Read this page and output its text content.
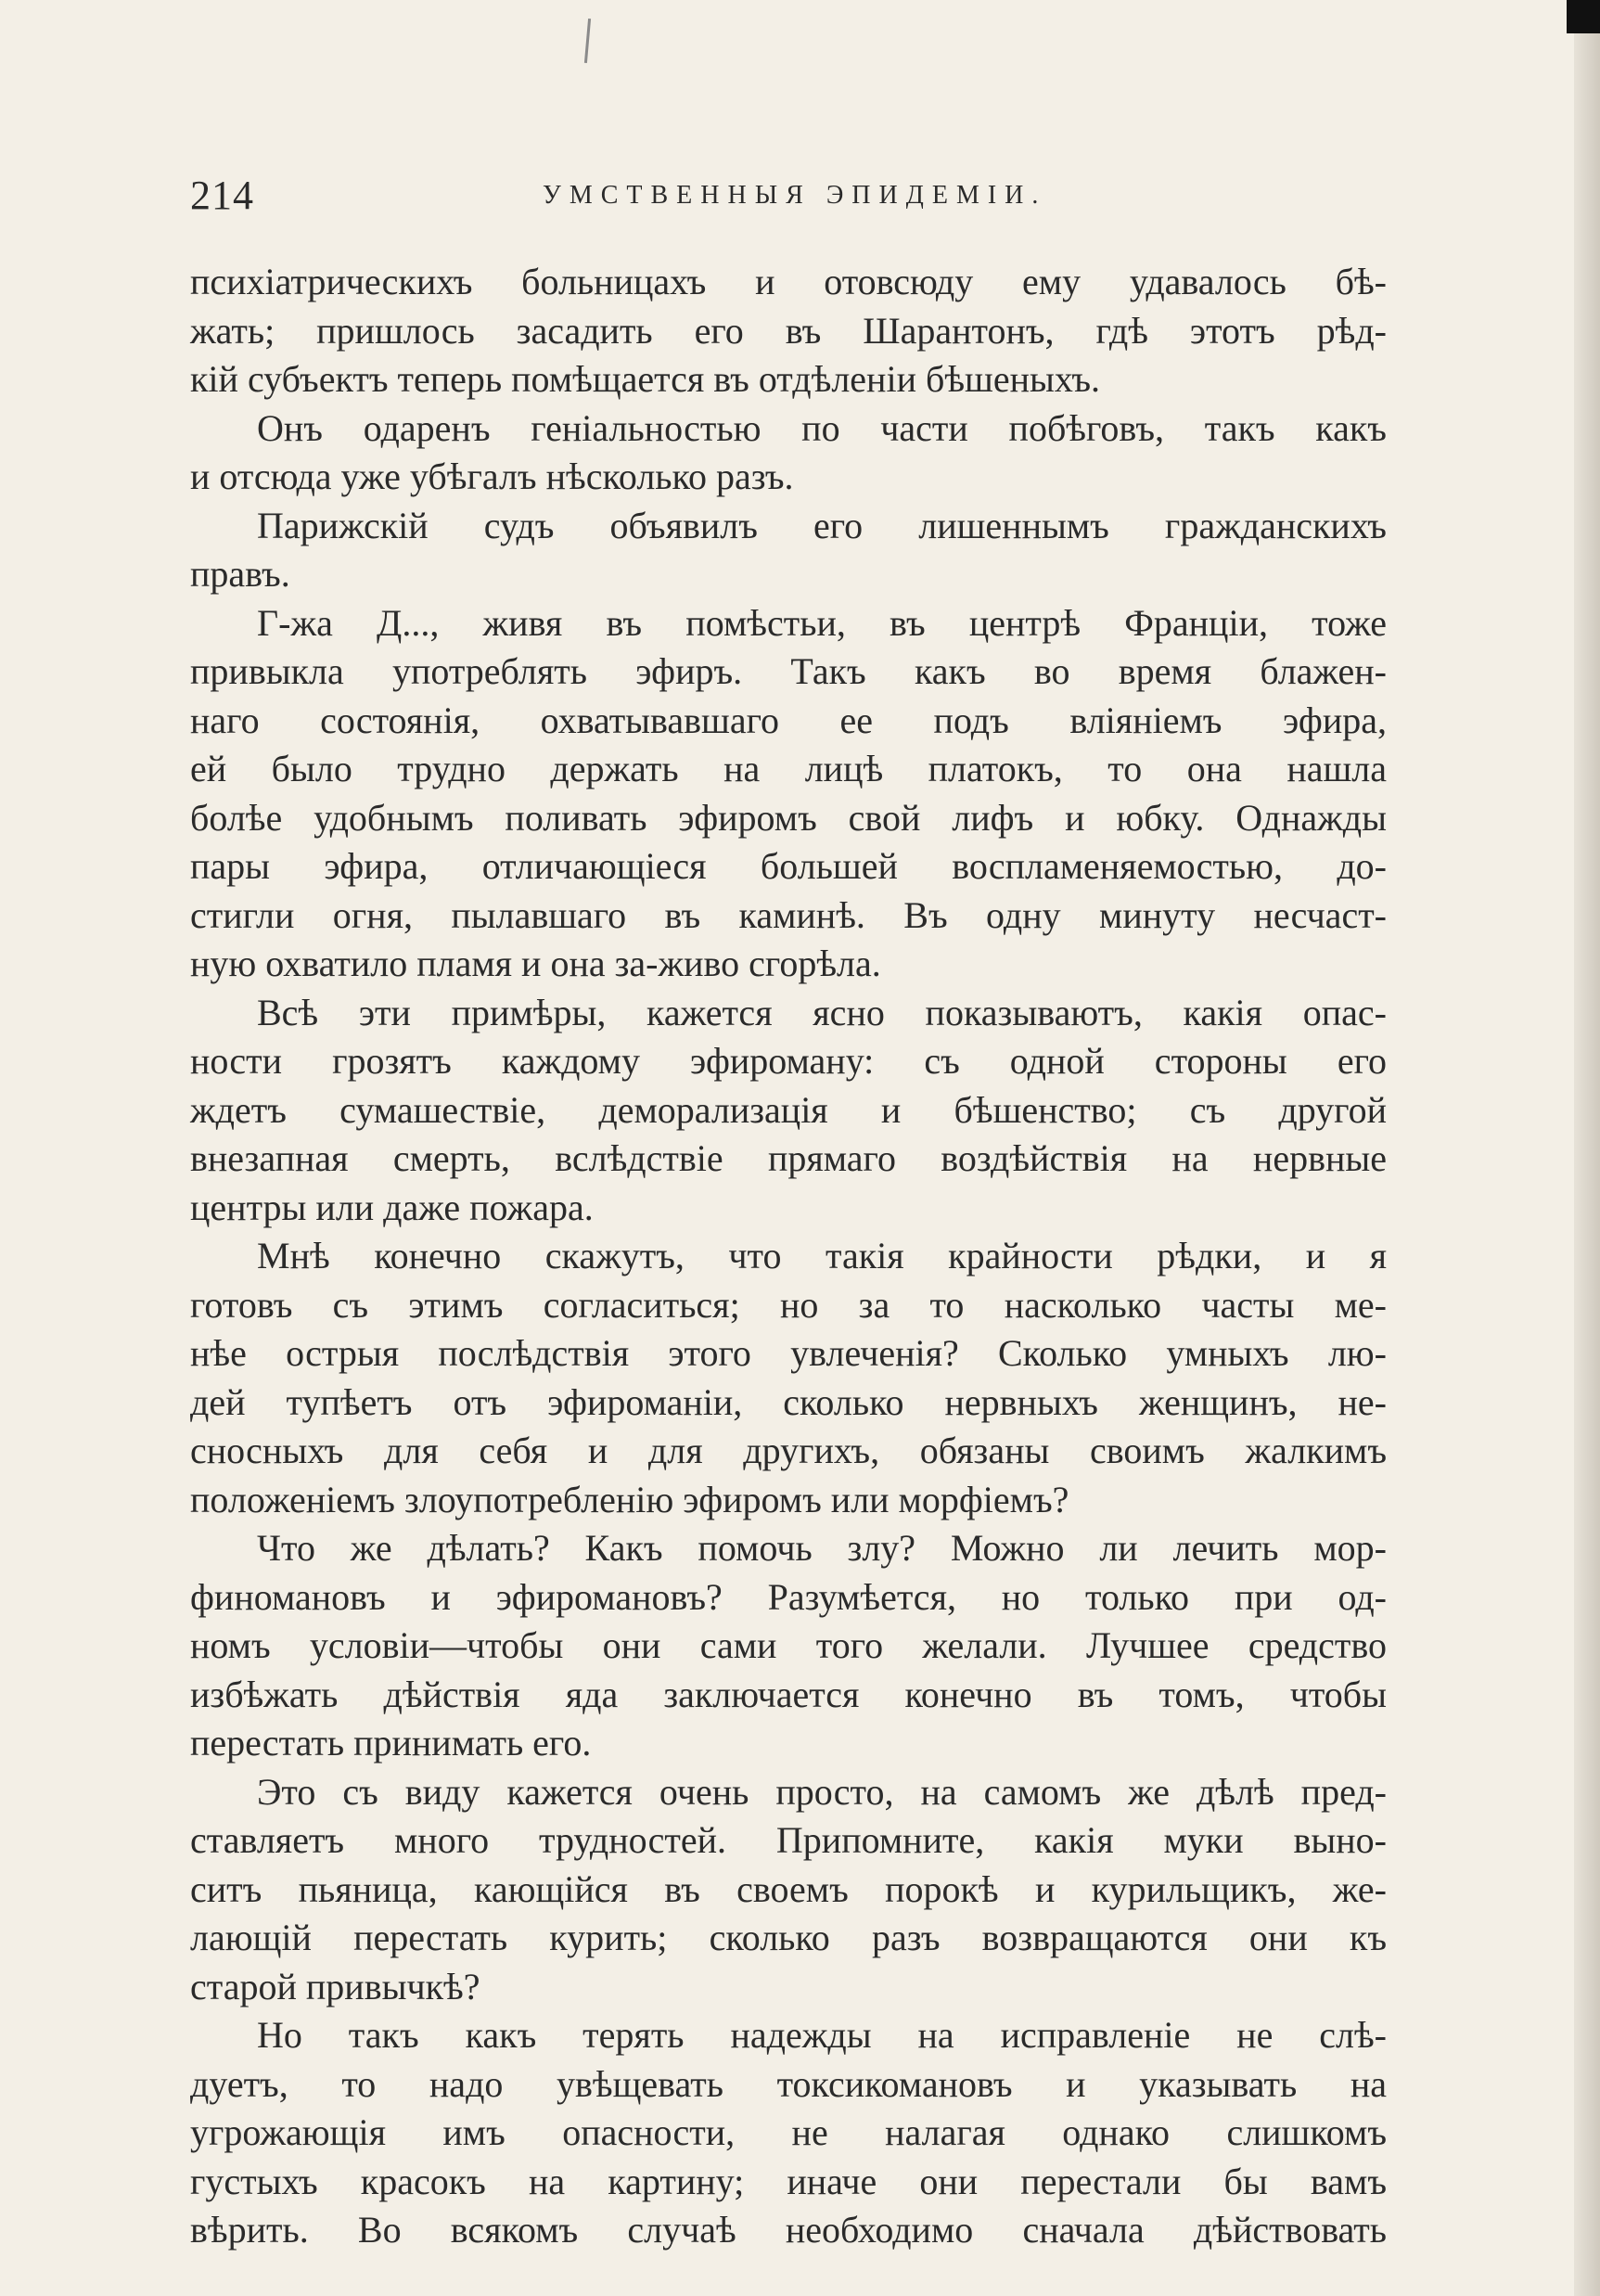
214	УМСТВЕННЫЯ ЭПИДЕМІИ.
психіатрическихъ больницахъ и отовсюду ему удавалось бѣ-
жать; пришлось засадить его въ Шарантонъ, гдѣ этотъ рѣд-
кій субъектъ теперь помѣщается въ отдѣленіи бѣшеныхъ.
Онъ одаренъ геніальностью по части побѣговъ, такъ какъ
и отсюда уже убѣгалъ нѣсколько разъ.
Парижскій судъ объявилъ его лишеннымъ гражданскихъ
правъ.
Г-жа Д..., живя въ помѣстьи, въ центрѣ Франціи, тоже
привыкла употреблять эфиръ. Такъ какъ во время блажен-
наго состоянія, охватывавшаго ее подъ вліяніемъ эфира,
ей было трудно держать на лицѣ платокъ, то она нашла
болѣе удобнымъ поливать эфиромъ свой лифъ и юбку. Однажды
пары эфира, отличающіеся большей воспламеняемостью, до-
стигли огня, пылавшаго въ каминѣ. Въ одну минуту несчаст-
ную охватило пламя и она за-живо сгорѣла.
Всѣ эти примѣры, кажется ясно показываютъ, какія опас-
ности грозятъ каждому эфироману: съ одной стороны его
ждетъ сумашествіе, деморализація и бѣшенство; съ другой
внезапная смерть, вслѣдствіе прямаго воздѣйствія на нервные
центры или даже пожара.
Мнѣ конечно скажутъ, что такія крайности рѣдки, и я
готовъ съ этимъ согласиться; но за то насколько часты ме-
нѣе острыя послѣдствія этого увлеченія? Сколько умныхъ лю-
дей тупѣетъ отъ эфироманіи, сколько нервныхъ женщинъ, не-
сносныхъ для себя и для другихъ, обязаны своимъ жалкимъ
положеніемъ злоупотребленію эфиромъ или морфіемъ?
Что же дѣлать? Какъ помочь злу? Можно ли лечить мор-
финомановъ и эфиромановъ? Разумѣется, но только при од-
номъ условіи—чтобы они сами того желали. Лучшее средство
избѣжать дѣйствія яда заключается конечно въ томъ, чтобы
перестать принимать его.
Это съ виду кажется очень просто, на самомъ же дѣлѣ пред-
ставляетъ много трудностей. Припомните, какія муки выно-
ситъ пьяница, кающійся въ своемъ порокѣ и курильщикъ, же-
лающій перестать курить; сколько разъ возвращаются они къ
старой привычкѣ?
Но такъ какъ терять надежды на исправленіе не слѣ-
дуетъ, то надо увѣщевать токсикомановъ и указывать на
угрожающія имъ опасности, не налагая однако слишкомъ
густыхъ красокъ на картину; иначе они перестали бы вамъ
вѣрить. Во всякомъ случаѣ необходимо сначала дѣйствовать
